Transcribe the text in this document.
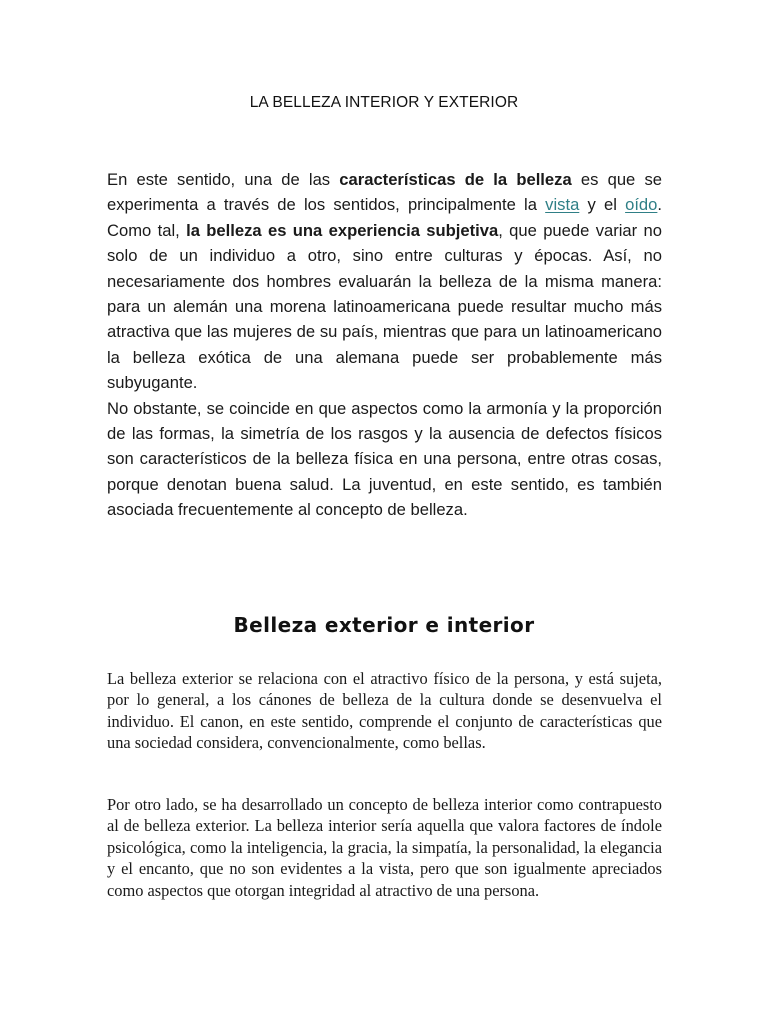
LA BELLEZA INTERIOR Y EXTERIOR

En este sentido, una de las características de la belleza es que se experimenta a través de los sentidos, principalmente la vista y el oído. Como tal, la belleza es una experiencia subjetiva, que puede variar no solo de un individuo a otro, sino entre culturas y épocas. Así, no necesariamente dos hombres evaluarán la belleza de la misma manera: para un alemán una morena latinoamericana puede resultar mucho más atractiva que las mujeres de su país, mientras que para un latinoamericano la belleza exótica de una alemana puede ser probablemente más subyugante.

No obstante, se coincide en que aspectos como la armonía y la proporción de las formas, la simetría de los rasgos y la ausencia de defectos físicos son característicos de la belleza física en una persona, entre otras cosas, porque denotan buena salud. La juventud, en este sentido, es también asociada frecuentemente al concepto de belleza.

Belleza exterior e interior

La belleza exterior se relaciona con el atractivo físico de la persona, y está sujeta, por lo general, a los cánones de belleza de la cultura donde se desenvuelva el individuo. El canon, en este sentido, comprende el conjunto de características que una sociedad considera, convencionalmente, como bellas.

Por otro lado, se ha desarrollado un concepto de belleza interior como contrapuesto al de belleza exterior. La belleza interior sería aquella que valora factores de índole psicológica, como la inteligencia, la gracia, la simpatía, la personalidad, la elegancia y el encanto, que no son evidentes a la vista, pero que son igualmente apreciados como aspectos que otorgan integridad al atractivo de una persona.
